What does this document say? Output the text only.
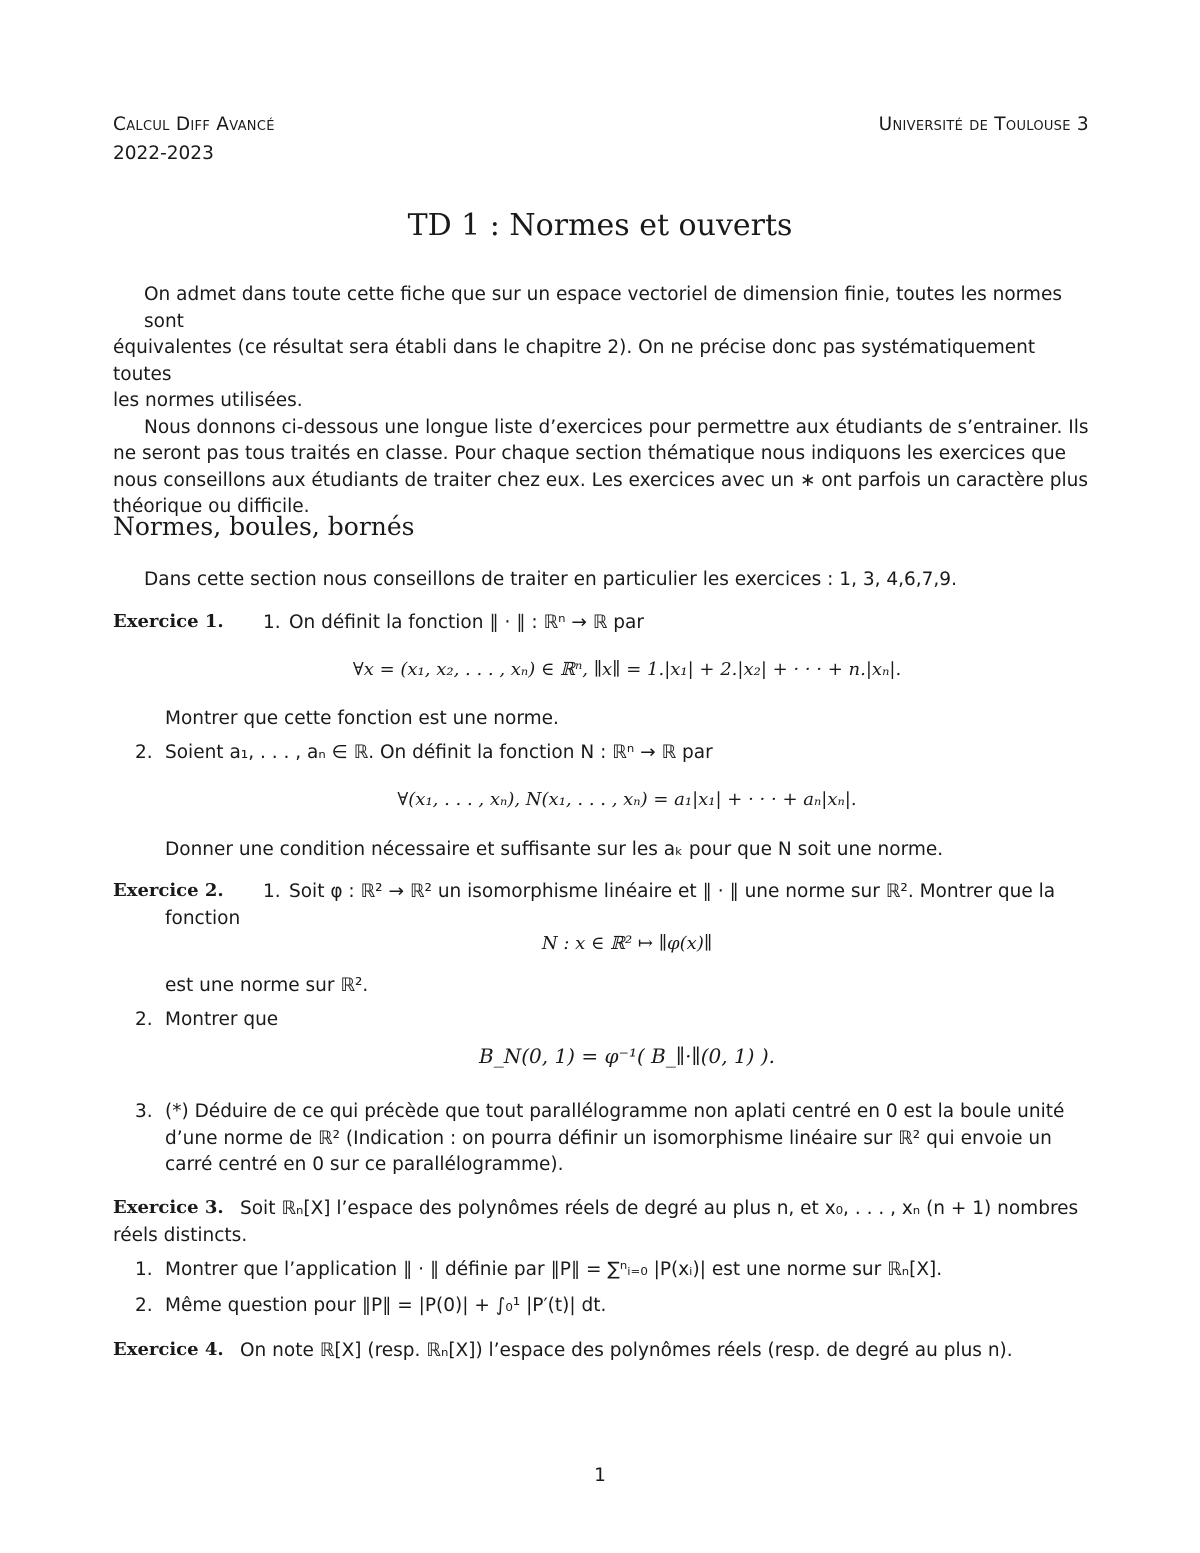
Calcul Diff Avancé
2022-2023
Université de Toulouse 3
TD 1 : Normes et ouverts
On admet dans toute cette fiche que sur un espace vectoriel de dimension finie, toutes les normes sont
équivalentes (ce résultat sera établi dans le chapitre 2). On ne précise donc pas systématiquement toutes
les normes utilisées.
Nous donnons ci-dessous une longue liste d’exercices pour permettre aux étudiants de s’entrainer. Ils
ne seront pas tous traités en classe. Pour chaque section thématique nous indiquons les exercices que
nous conseillons aux étudiants de traiter chez eux. Les exercices avec un ∗ ont parfois un caractère plus
théorique ou difficile.
Normes, boules, bornés
Dans cette section nous conseillons de traiter en particulier les exercices : 1, 3, 4,6,7,9.
Exercice 1. 1. On définit la fonction ∥ · ∥ : ℝⁿ → ℝ par
∀x = (x₁, x₂, . . . , xₙ) ∈ ℝⁿ, ∥x∥ = 1.|x₁| + 2.|x₂| + · · · + n.|xₙ|.
Montrer que cette fonction est une norme.
2. Soient a₁, . . . , aₙ ∈ ℝ. On définit la fonction N : ℝⁿ → ℝ par
∀(x₁, . . . , xₙ), N(x₁, . . . , xₙ) = a₁|x₁| + · · · + aₙ|xₙ|.
Donner une condition nécessaire et suffisante sur les aₖ pour que N soit une norme.
Exercice 2. 1. Soit φ : ℝ² → ℝ² un isomorphisme linéaire et ∥ · ∥ une norme sur ℝ². Montrer que la
fonction
N : x ∈ ℝ² ↦ ∥φ(x)∥
est une norme sur ℝ².
2. Montrer que
B_N(0, 1) = φ⁻¹( B_∥·∥(0, 1) ).
3. (*) Déduire de ce qui précède que tout parallélogramme non aplati centré en 0 est la boule unité
d’une norme de ℝ² (Indication : on pourra définir un isomorphisme linéaire sur ℝ² qui envoie un
carré centré en 0 sur ce parallélogramme).
Exercice 3. Soit ℝₙ[X] l’espace des polynômes réels de degré au plus n, et x₀, . . . , xₙ (n + 1) nombres
réels distincts.
1. Montrer que l’application ∥ · ∥ définie par ∥P∥ = ∑ⁿᵢ₌₀ |P(xᵢ)| est une norme sur ℝₙ[X].
2. Même question pour ∥P∥ = |P(0)| + ∫₀¹ |P′(t)| dt.
Exercice 4. On note ℝ[X] (resp. ℝₙ[X]) l’espace des polynômes réels (resp. de degré au plus n).
1
